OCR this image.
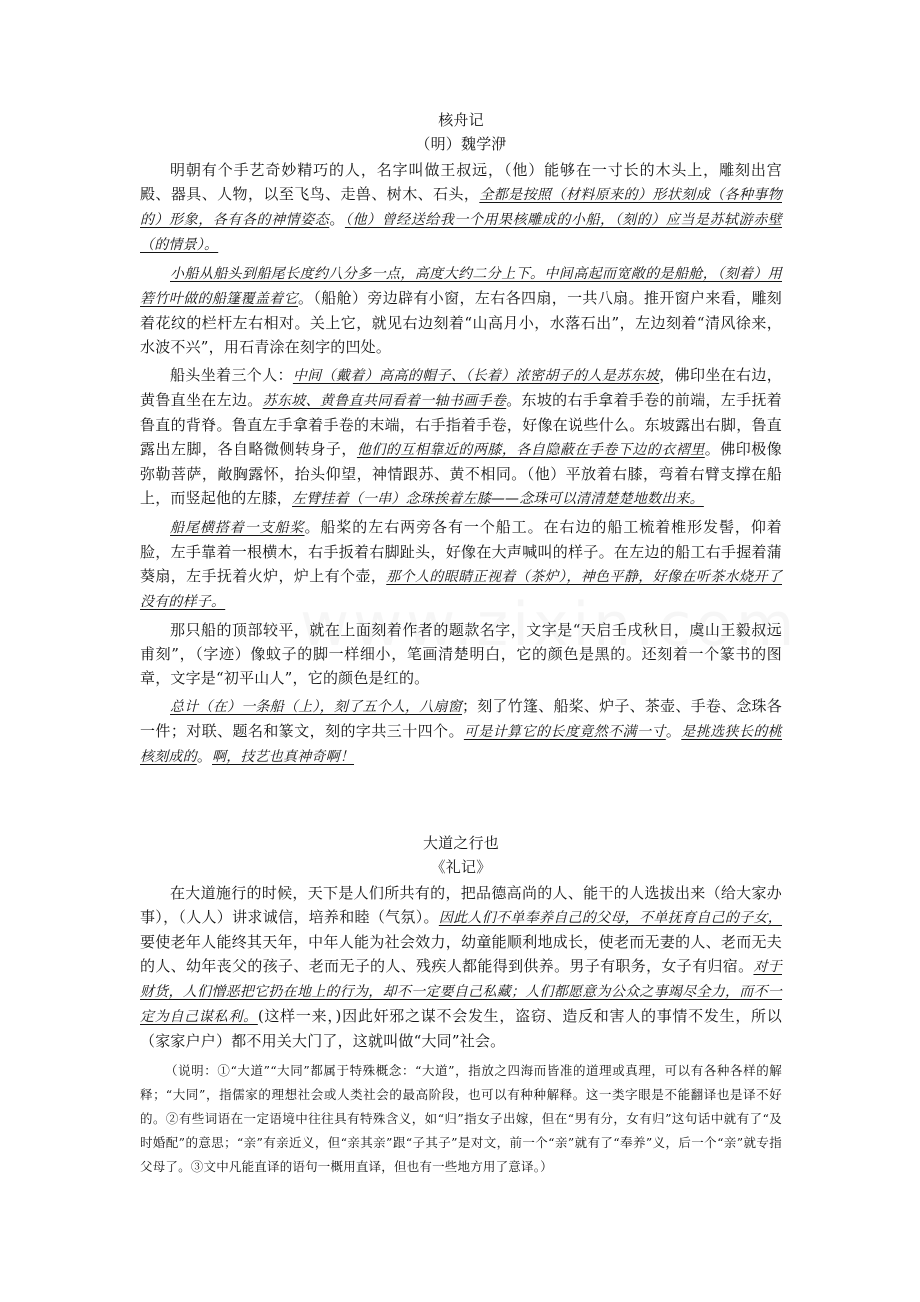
核舟记
（明）魏学洢

明朝有个手艺奇妙精巧的人，名字叫做王叔远，（他）能够在一寸长的木头上，雕刻出宫殿、器具、人物，以至飞鸟、走兽、树木、石头，全都是按照（材料原来的）形状刻成（各种事物的）形象，各有各的神情姿态。（他）曾经送给我一个用果核雕成的小船，（刻的）应当是苏轼游赤壁（的情景）。

小船从船头到船尾长度约八分多一点，高度大约二分上下。中间高起而宽敞的是船舱，（刻着）用箬竹叶做的船篷覆盖着它。（船舱）旁边辟有小窗，左右各四扇，一共八扇。推开窗户来看，雕刻着花纹的栏杆左右相对。关上它，就见右边刻着“山高月小，水落石出”，左边刻着“清风徐来，水波不兴”，用石青涂在刻字的凹处。

船头坐着三个人：中间（戴着）高高的帽子、（长着）浓密胡子的人是苏东坡，佛印坐在右边，黄鲁直坐在左边。苏东坡、黄鲁直共同看着一轴书画手卷。东坡的右手拿着手卷的前端，左手抚着鲁直的背脊。鲁直左手拿着手卷的末端，右手指着手卷，好像在说些什么。东坡露出右脚，鲁直露出左脚，各自略微侧转身子，他们的互相靠近的两膝，各自隐蔽在手卷下边的衣褶里。佛印极像弥勒菩萨，敞胸露怀，抬头仰望，神情跟苏、黄不相同。（他）平放着右膝，弯着右臂支撑在船上，而竖起他的左膝，左臂挂着（一串）念珠挨着左膝——念珠可以清清楚楚地数出来。

船尾横搭着一支船桨。船桨的左右两旁各有一个船工。在右边的船工梳着椎形发髻，仰着脸，左手靠着一根横木，右手扳着右脚趾头，好像在大声喊叫的样子。在左边的船工右手握着蒲葵扇，左手抚着火炉，炉上有个壶，那个人的眼睛正视着（茶炉），神色平静，好像在听茶水烧开了没有的样子。

那只船的顶部较平，就在上面刻着作者的题款名字，文字是“天启壬戌秋日，虞山王毅叔远甫刻”，（字迹）像蚊子的脚一样细小，笔画清楚明白，它的颜色是黑的。还刻着一个篆书的图章，文字是“初平山人”，它的颜色是红的。

总计（在）一条船（上），刻了五个人，八扇窗；刻了竹篷、船桨、炉子、茶壶、手卷、念珠各一件；对联、题名和篆文，刻的字共三十四个。可是计算它的长度竟然不满一寸。是挑选狭长的桃核刻成的。啊，技艺也真神奇啊！

大道之行也
《礼记》

在大道施行的时候，天下是人们所共有的，把品德高尚的人、能干的人选拔出来（给大家办事），（人人）讲求诚信，培养和睦（气氛）。因此人们不单奉养自己的父母，不单抚育自己的子女，要使老年人能终其天年，中年人能为社会效力，幼童能顺利地成长，使老而无妻的人、老而无夫的人、幼年丧父的孩子、老而无子的人、残疾人都能得到供养。男子有职务，女子有归宿。对于财货，人们憎恶把它扔在地上的行为，却不一定要自己私藏；人们都愿意为公众之事竭尽全力，而不一定为自己谋私利。(这样一来，)因此奸邪之谋不会发生，盗窃、造反和害人的事情不发生，所以（家家户户）都不用关大门了，这就叫做“大同”社会。

（说明：①“大道”“大同”都属于特殊概念：“大道”，指放之四海而皆准的道理或真理，可以有各种各样的解释；“大同”，指儒家的理想社会或人类社会的最高阶段，也可以有种种解释。这一类字眼是不能翻译也是译不好的。②有些词语在一定语境中往往具有特殊含义，如“归”指女子出嫁，但在“男有分，女有归”这句话中就有了“及时婚配”的意思；“亲”有亲近义，但“亲其亲”跟“子其子”是对文，前一个“亲”就有了“奉养”义，后一个“亲”就专指父母了。③文中凡能直译的语句一概用直译，但也有一些地方用了意译。）
